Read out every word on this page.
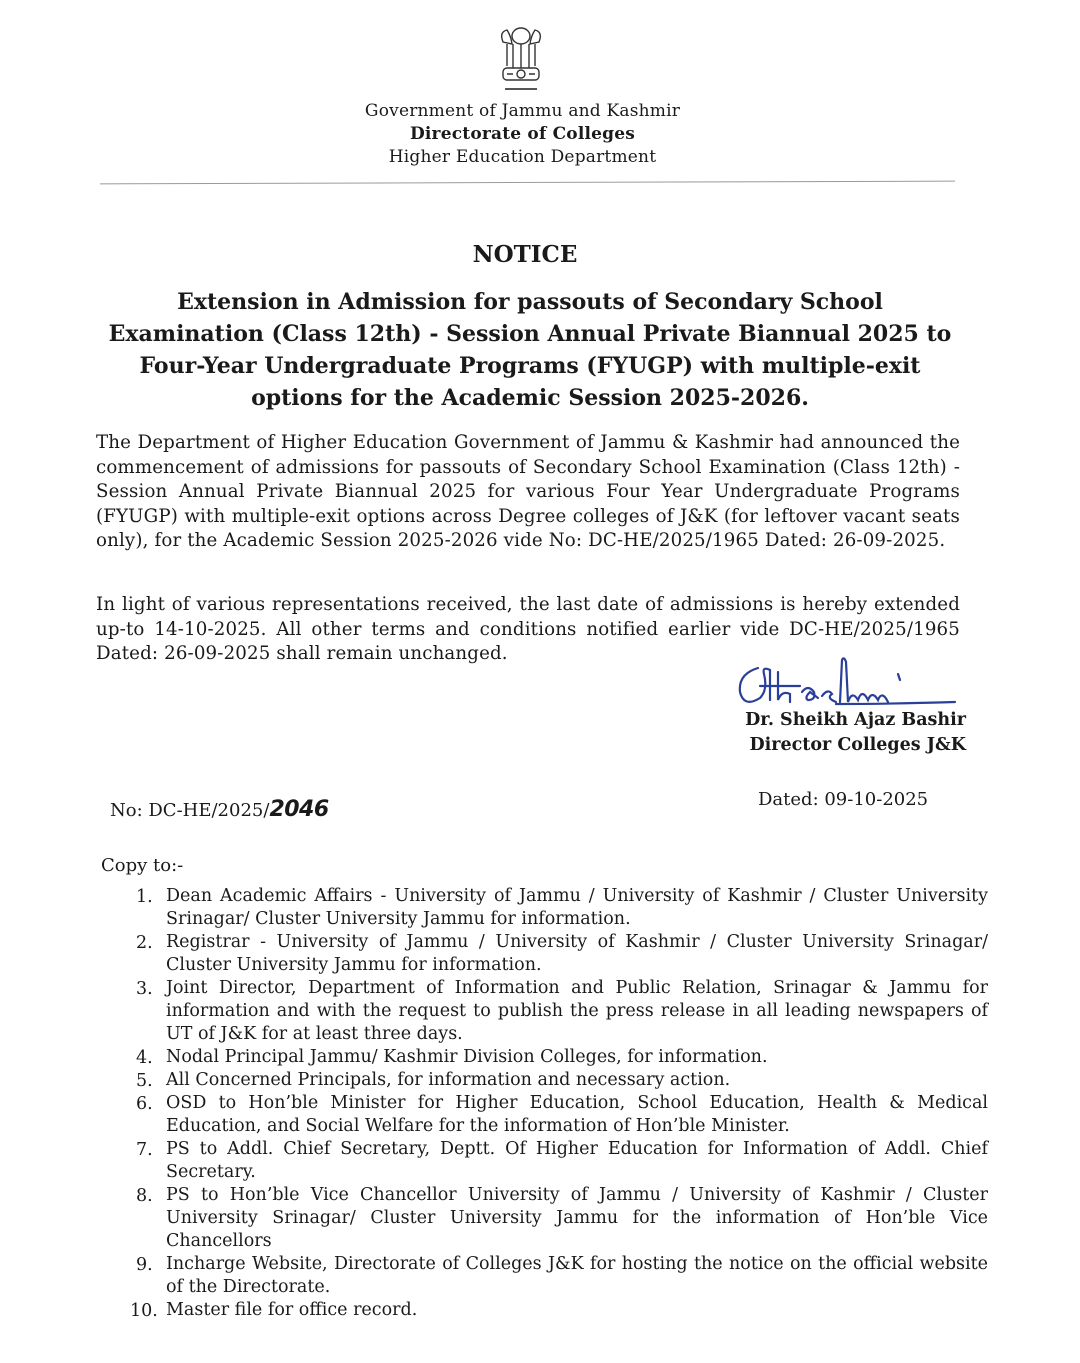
Government of Jammu and Kashmir
Directorate of Colleges
Higher Education Department
NOTICE
Extension in Admission for passouts of Secondary School Examination (Class 12th) - Session Annual Private Biannual 2025 to Four-Year Undergraduate Programs (FYUGP) with multiple-exit options for the Academic Session 2025-2026.
The Department of Higher Education Government of Jammu & Kashmir had announced the commencement of admissions for passouts of Secondary School Examination (Class 12th) - Session Annual Private Biannual 2025 for various Four Year Undergraduate Programs (FYUGP) with multiple-exit options across Degree colleges of J&K (for leftover vacant seats only), for the Academic Session 2025-2026 vide No: DC-HE/2025/1965 Dated: 26-09-2025.
In light of various representations received, the last date of admissions is hereby extended up-to 14-10-2025. All other terms and conditions notified earlier vide DC-HE/2025/1965 Dated: 26-09-2025 shall remain unchanged.
Dr. Sheikh Ajaz Bashir
Director Colleges J&K
No: DC-HE/2025/2046	Dated: 09-10-2025
Copy to:-
1. Dean Academic Affairs - University of Jammu / University of Kashmir / Cluster University Srinagar/ Cluster University Jammu for information.
2. Registrar - University of Jammu / University of Kashmir / Cluster University Srinagar/ Cluster University Jammu for information.
3. Joint Director, Department of Information and Public Relation, Srinagar & Jammu for information and with the request to publish the press release in all leading newspapers of UT of J&K for at least three days.
4. Nodal Principal Jammu/ Kashmir Division Colleges, for information.
5. All Concerned Principals, for information and necessary action.
6. OSD to Hon’ble Minister for Higher Education, School Education, Health & Medical Education, and Social Welfare for the information of Hon’ble Minister.
7. PS to Addl. Chief Secretary, Deptt. Of Higher Education for Information of Addl. Chief Secretary.
8. PS to Hon’ble Vice Chancellor University of Jammu / University of Kashmir / Cluster University Srinagar/ Cluster University Jammu for the information of Hon’ble Vice Chancellors
9. Incharge Website, Directorate of Colleges J&K for hosting the notice on the official website of the Directorate.
10. Master file for office record.
